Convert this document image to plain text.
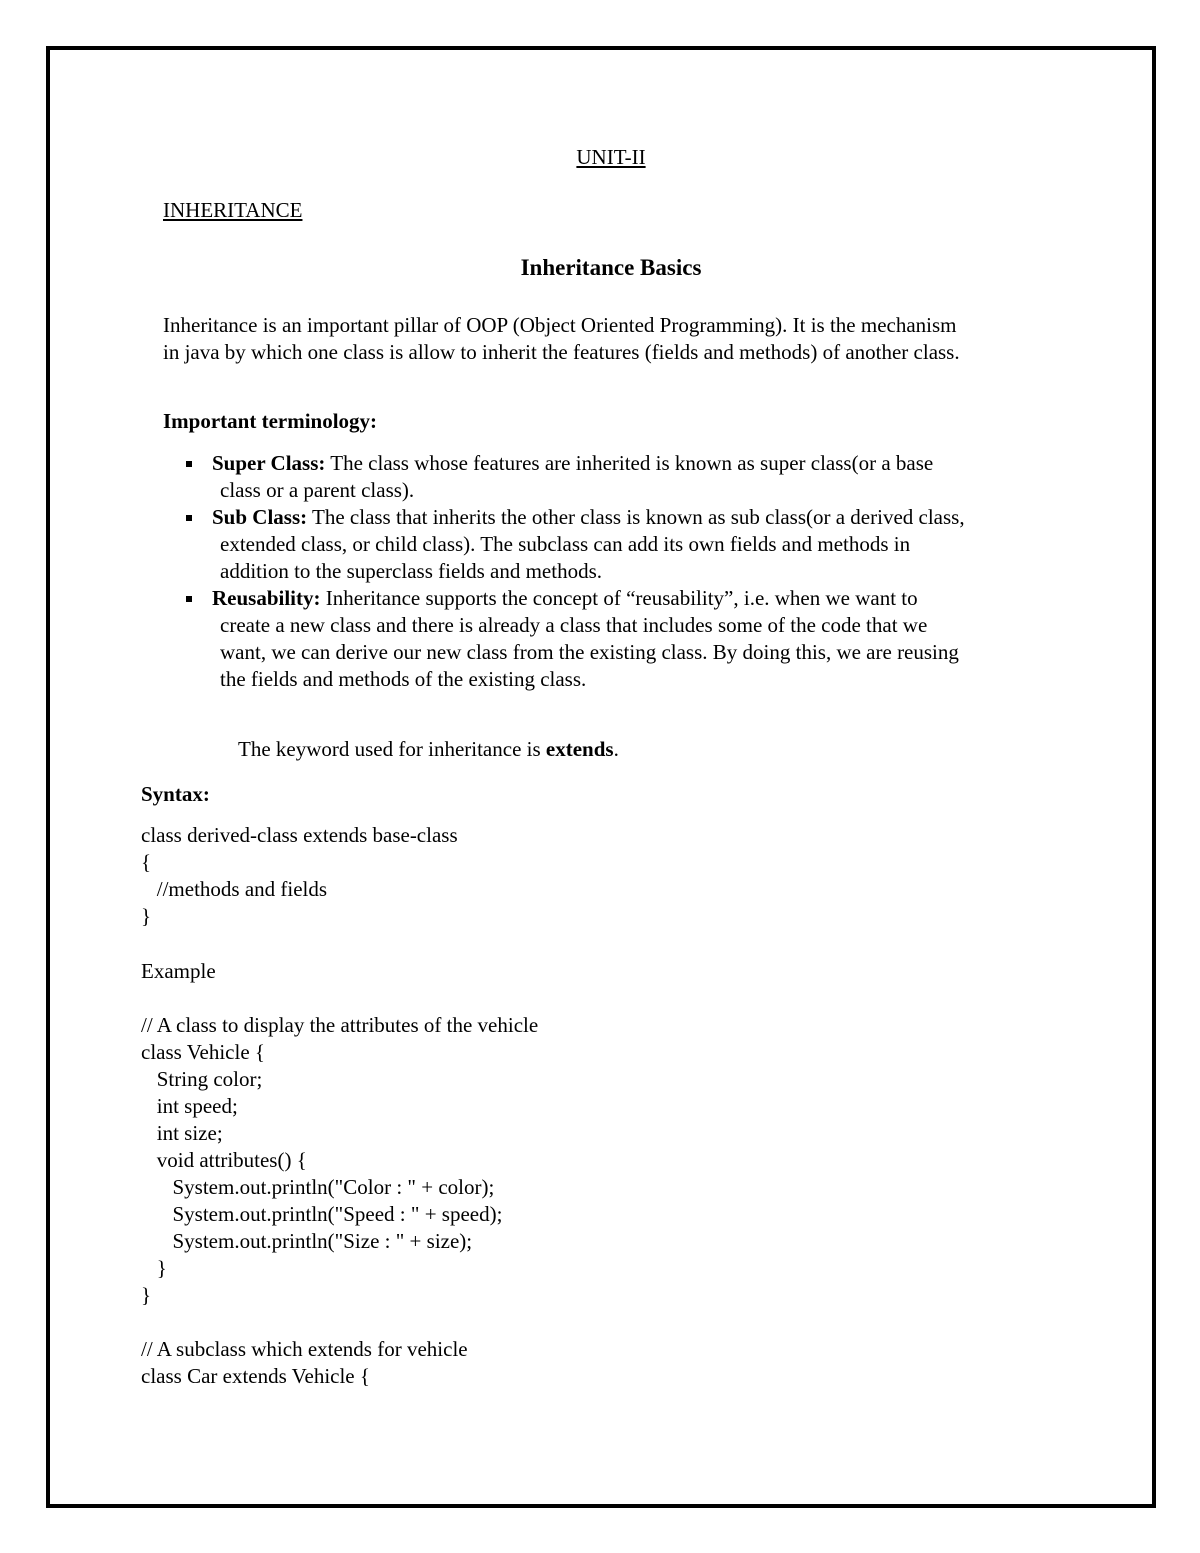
UNIT-II
INHERITANCE
Inheritance Basics
Inheritance is an important pillar of OOP (Object Oriented Programming). It is the mechanism
in java by which one class is allow to inherit the features (fields and methods) of another class.
Important terminology:
Super Class: The class whose features are inherited is known as super class(or a base
class or a parent class).
Sub Class: The class that inherits the other class is known as sub class(or a derived class,
extended class, or child class). The subclass can add its own fields and methods in
addition to the superclass fields and methods.
Reusability: Inheritance supports the concept of “reusability”, i.e. when we want to
create a new class and there is already a class that includes some of the code that we
want, we can derive our new class from the existing class. By doing this, we are reusing
the fields and methods of the existing class.
The keyword used for inheritance is extends.
Syntax:
class derived-class extends base-class
{
//methods and fields
}
Example
// A class to display the attributes of the vehicle
class Vehicle {
String color;
int speed;
int size;
void attributes() {
System.out.println("Color : " + color);
System.out.println("Speed : " + speed);
System.out.println("Size : " + size);
}
}
// A subclass which extends for vehicle
class Car extends Vehicle {
